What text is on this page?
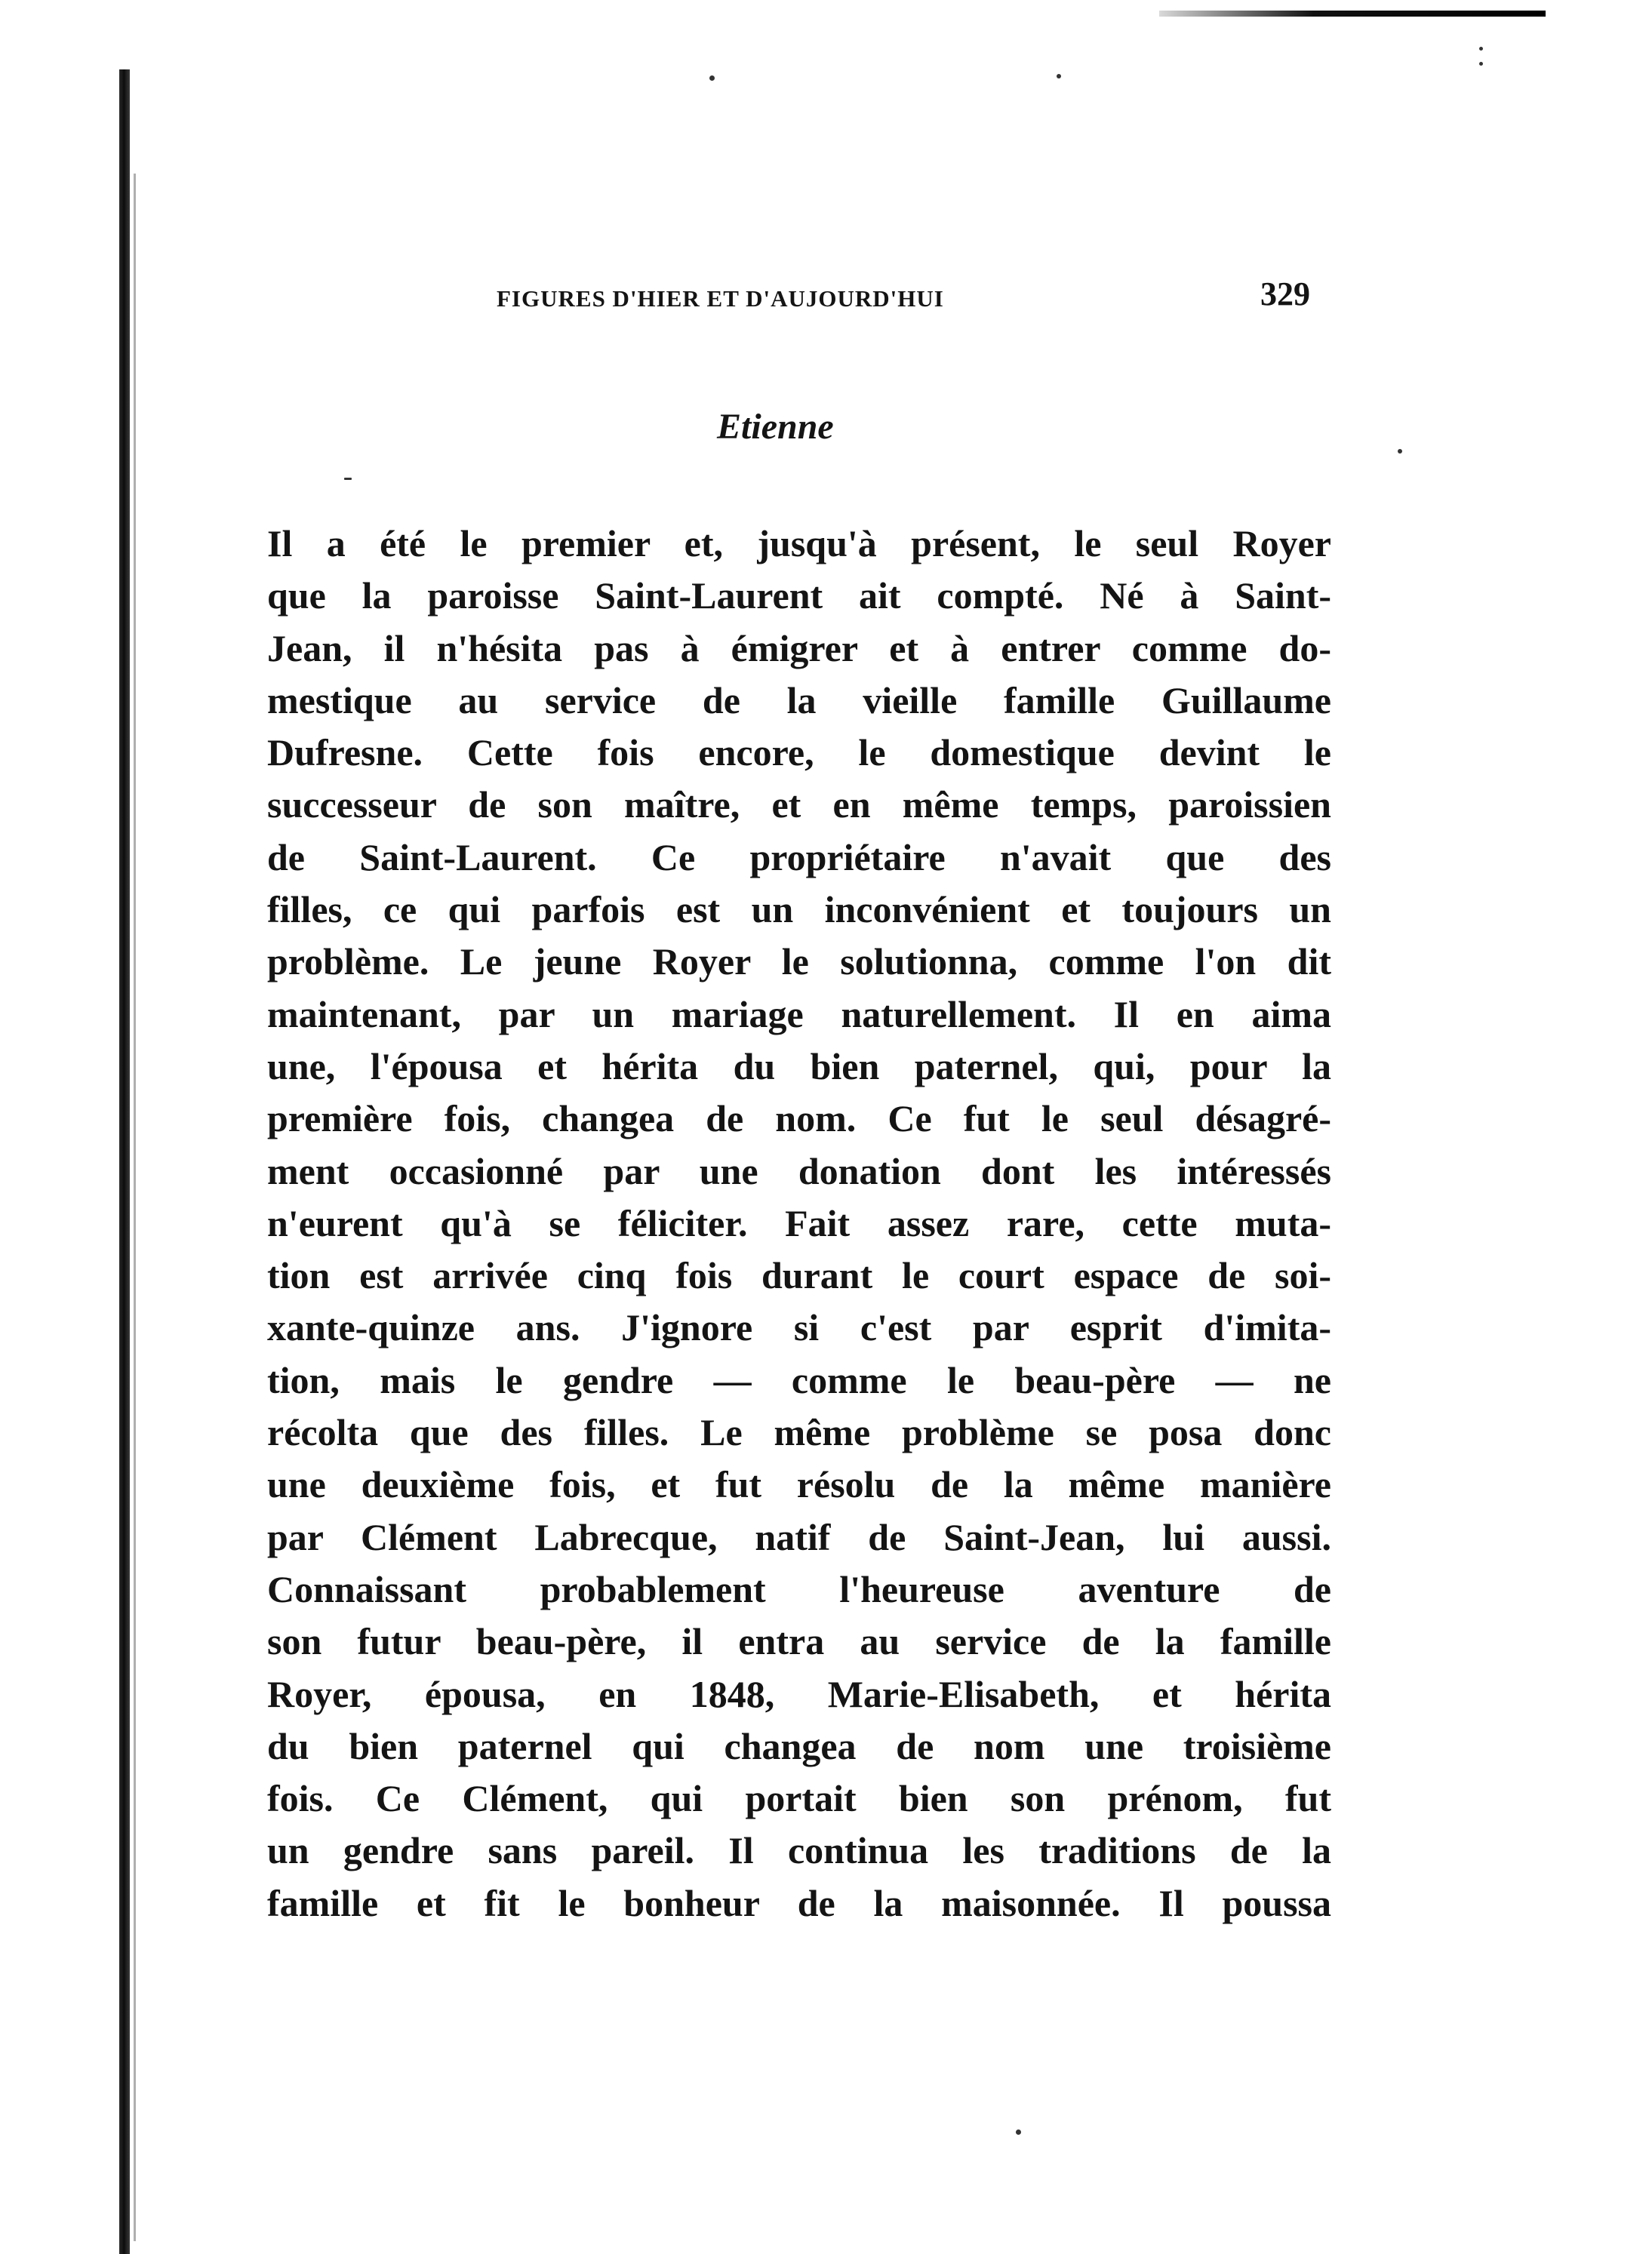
FIGURES D'HIER ET D'AUJOURD'HUI	329
Etienne
Il a été le premier et, jusqu'à présent, le seul Royer
que la paroisse Saint-Laurent ait compté. Né à Saint-
Jean, il n'hésita pas à émigrer et à entrer comme do-
mestique au service de la vieille famille Guillaume
Dufresne. Cette fois encore, le domestique devint le
successeur de son maître, et en même temps, paroissien
de Saint-Laurent. Ce propriétaire n'avait que des
filles, ce qui parfois est un inconvénient et toujours un
problème. Le jeune Royer le solutionna, comme l'on dit
maintenant, par un mariage naturellement. Il en aima
une, l'épousa et hérita du bien paternel, qui, pour la
première fois, changea de nom. Ce fut le seul désagré-
ment occasionné par une donation dont les intéressés
n'eurent qu'à se féliciter. Fait assez rare, cette muta-
tion est arrivée cinq fois durant le court espace de soi-
xante-quinze ans. J'ignore si c'est par esprit d'imita-
tion, mais le gendre — comme le beau-père — ne
récolta que des filles. Le même problème se posa donc
une deuxième fois, et fut résolu de la même manière
par Clément Labrecque, natif de Saint-Jean, lui aussi.
Connaissant probablement l'heureuse aventure de
son futur beau-père, il entra au service de la famille
Royer, épousa, en 1848, Marie-Elisabeth, et hérita
du bien paternel qui changea de nom une troisième
fois. Ce Clément, qui portait bien son prénom, fut
un gendre sans pareil. Il continua les traditions de la
famille et fit le bonheur de la maisonnée. Il poussa
